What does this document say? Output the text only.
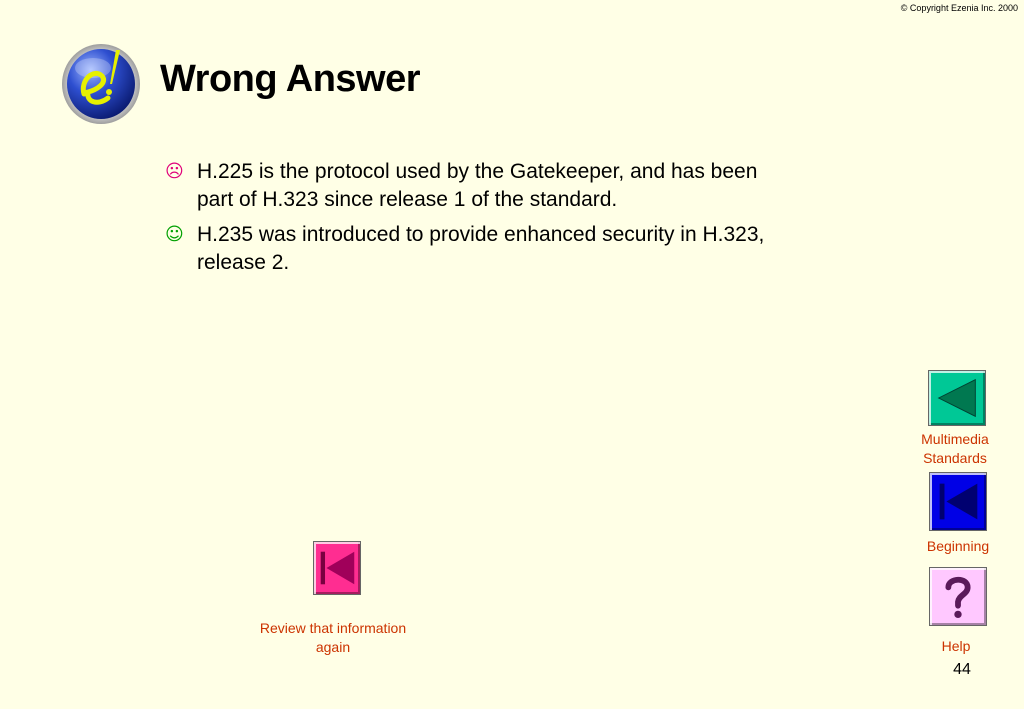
© Copyright Ezenia Inc. 2000
Wrong Answer
☹ H.225 is the protocol used by the Gatekeeper, and has been part of H.323 since release 1 of the standard.
☺ H.235 was introduced to provide enhanced security in H.323, release 2.
Multimedia Standards
Beginning
Help
Review that information again
44
